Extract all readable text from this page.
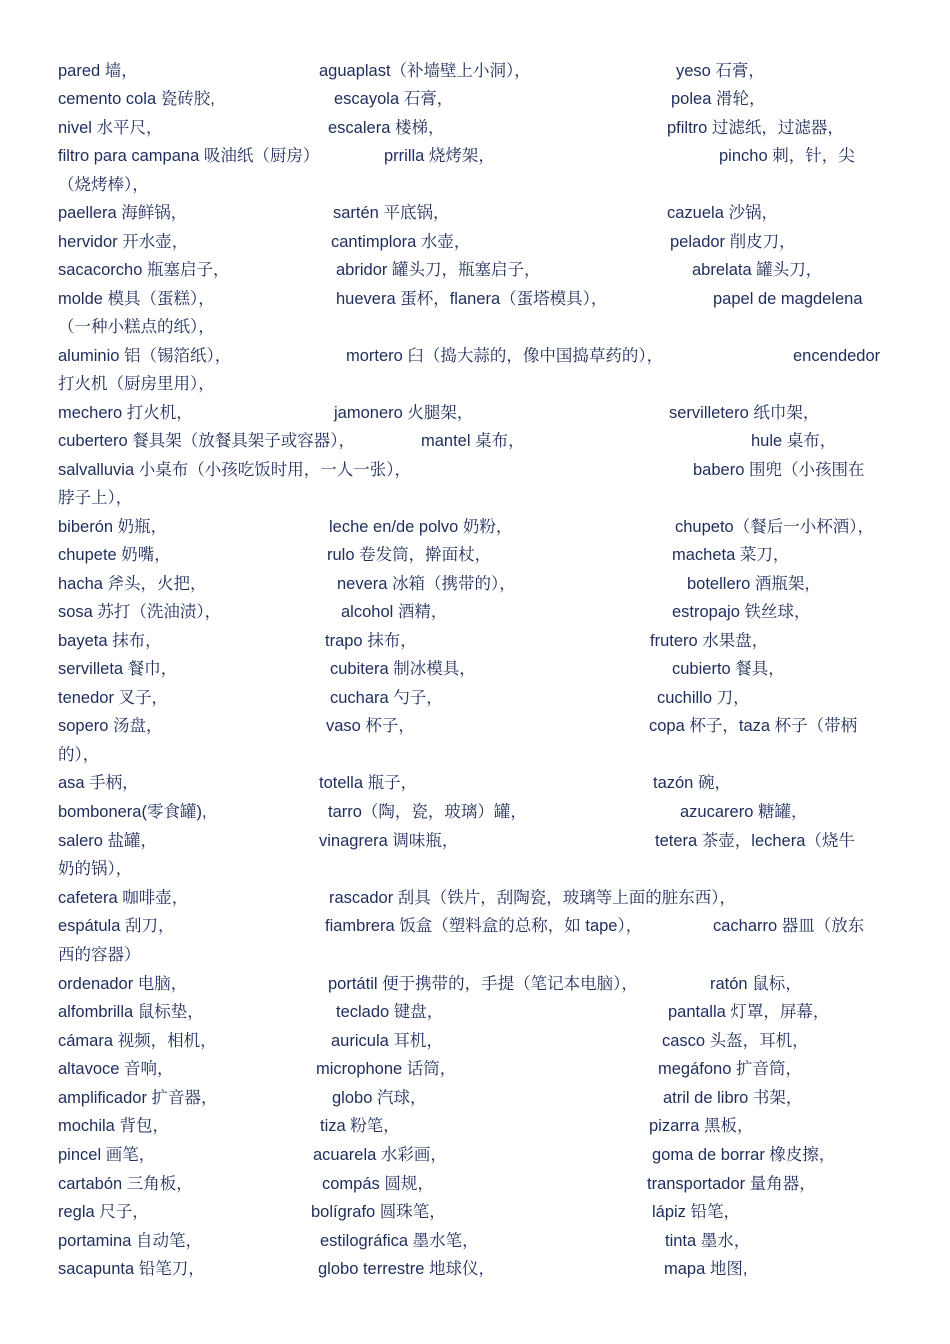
pared 墙，	aguaplast（补墙壁上小洞），	yeso 石膏，
cemento cola 瓷砖胶,	escayola 石膏，	polea 滑轮，
nivel 水平尺，	escalera 楼梯，	pfiltro 过滤纸，过滤器，
filtro para campana 吸油纸（厨房）	prrilla 烧烤架，	pincho 刺，针，尖
（烧烤棒），
paellera 海鲜锅，	sartén 平底锅，	cazuela 沙锅，
hervidor 开水壶，	cantimplora 水壶，	pelador 削皮刀，
sacacorcho 瓶塞启子，	abridor 罐头刀，瓶塞启子，	abrelata 罐头刀，
molde 模具（蛋糕），	huevera 蛋杯，flanera（蛋塔模具），	papel de magdelena
（一种小糕点的纸），
aluminio 铝（锡箔纸），	mortero 臼（捣大蒜的，像中国捣草药的），	encendedor
打火机（厨房里用），
mechero 打火机，	jamonero 火腿架，	servilletero 纸巾架，
cubertero 餐具架（放餐具架子或容器），	mantel 桌布，	hule 桌布，
salvalluvia 小桌布（小孩吃饭时用，一人一张），	babero 围兜（小孩围在
脖子上），
biberón 奶瓶，	leche en/de polvo 奶粉，	chupeto（餐后一小杯酒），
chupete 奶嘴，	rulo 卷发筒，擀面杖，	macheta 菜刀，
hacha 斧头，火把，	nevera 冰箱（携带的），	botellero 酒瓶架，
sosa 苏打（洗油渍），	alcohol 酒精，	estropajo 铁丝球，
bayeta 抹布，	trapo 抹布，	frutero 水果盘，
servilleta 餐巾，	cubitera 制冰模具，	cubierto 餐具，
tenedor 叉子，	cuchara 勺子，	cuchillo 刀，
sopero 汤盘，	vaso 杯子，	copa 杯子，taza 杯子（带柄
的），
asa 手柄，	totella 瓶子，	tazón 碗，
bombonera(零食罐),	tarro（陶，瓷，玻璃）罐，	azucarero 糖罐，
salero 盐罐，	vinagrera 调味瓶，	tetera 茶壶，lechera（烧牛
奶的锅），
cafetera 咖啡壶，	rascador 刮具（铁片，刮陶瓷，玻璃等上面的脏东西），
espátula 刮刀，	fiambrera 饭盒（塑料盒的总称，如 tape），	cacharro 器皿（放东
西的容器）
ordenador 电脑，	portátil 便于携带的，手提（笔记本电脑），	ratón 鼠标，
alfombrilla 鼠标垫，	teclado 键盘，	pantalla 灯罩，屏幕，
cámara 视频，相机，	auricula 耳机，	casco 头盔，耳机，
altavoce 音响，	microphone 话筒，	megáfono 扩音筒，
amplificador 扩音器，	globo 汽球，	atril de libro 书架，
mochila 背包，	tiza 粉笔，	pizarra 黑板，
pincel 画笔，	acuarela 水彩画，	goma de borrar 橡皮擦，
cartabón 三角板，	compás 圆规，	transportador 量角器，
regla 尺子，	bolígrafo 圆珠笔，	lápiz 铅笔，
portamina 自动笔，	estilográfica 墨水笔，	tinta 墨水，
sacapunta 铅笔刀，	globo terrestre 地球仪，	mapa 地图,
